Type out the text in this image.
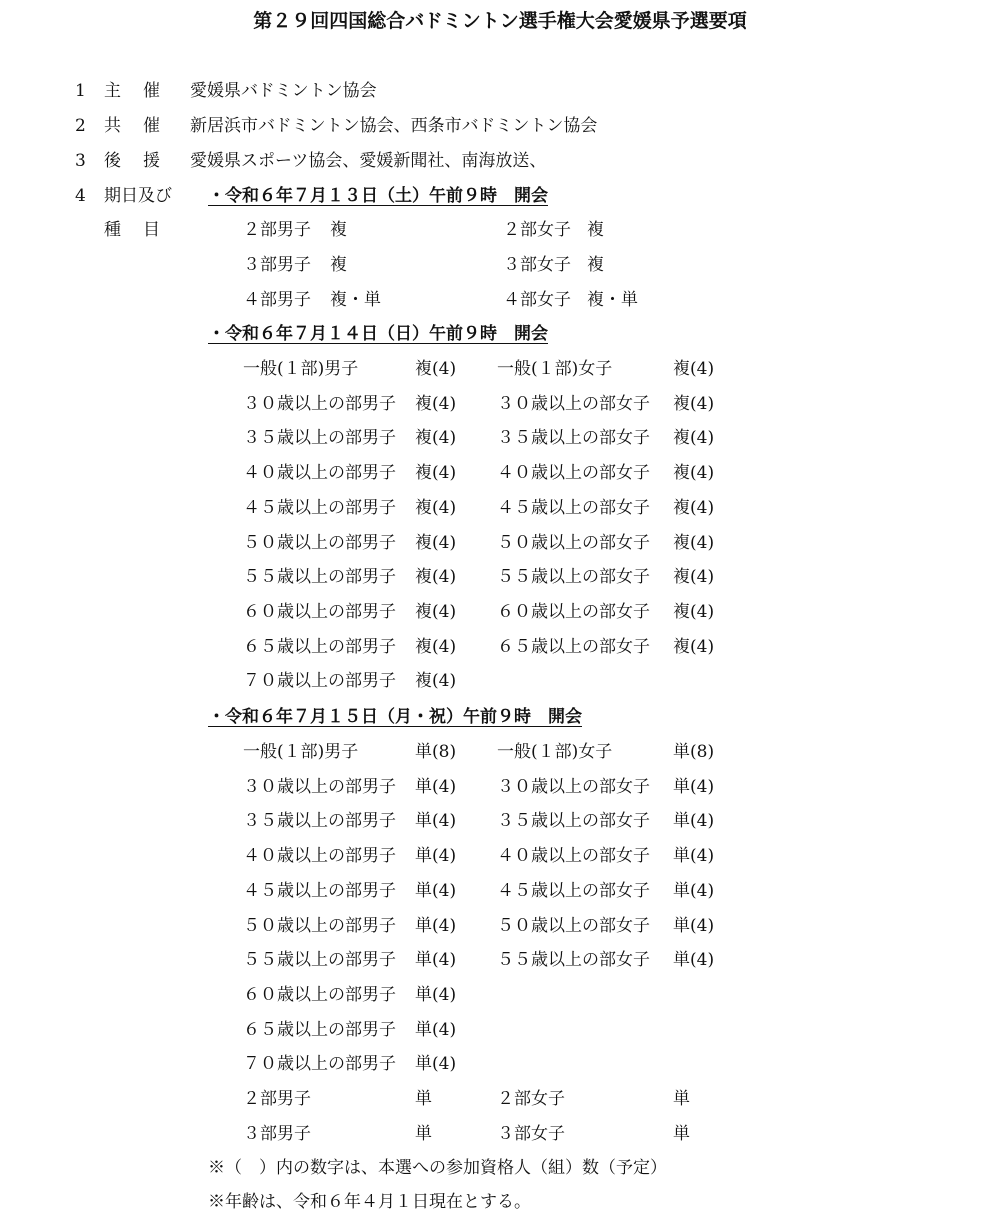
第２９回四国総合バドミントン選手権大会愛媛県予選要項
1 主 催 愛媛県バドミントン協会
2 共 催 新居浜市バドミントン協会、西条市バドミントン協会
3 後 援 愛媛県スポーツ協会、愛媛新聞社、南海放送、
4 期日及び
種 目
・令和６年７月１３日（土）午前９時　開会
２部男子 複	２部女子 複
３部男子 複	３部女子 複
４部男子 複・単	４部女子 複・単
・令和６年７月１４日（日）午前９時　開会
一般(１部)男子	複(4) 一般(１部)女子	複(4)
３０歳以上の部男子 複(4) ３０歳以上の部女子 複(4)
３５歳以上の部男子 複(4) ３５歳以上の部女子 複(4)
４０歳以上の部男子 複(4) ４０歳以上の部女子 複(4)
４５歳以上の部男子 複(4) ４５歳以上の部女子 複(4)
５０歳以上の部男子 複(4) ５０歳以上の部女子 複(4)
５５歳以上の部男子 複(4) ５５歳以上の部女子 複(4)
６０歳以上の部男子 複(4) ６０歳以上の部女子 複(4)
６５歳以上の部男子 複(4) ６５歳以上の部女子 複(4)
７０歳以上の部男子 複(4)
・令和６年７月１５日（月・祝）午前９時　開会
一般(１部)男子	単(8) 一般(１部)女子	単(8)
３０歳以上の部男子 単(4) ３０歳以上の部女子 単(4)
３５歳以上の部男子 単(4) ３５歳以上の部女子 単(4)
４０歳以上の部男子 単(4) ４０歳以上の部女子 単(4)
４５歳以上の部男子 単(4) ４５歳以上の部女子 単(4)
５０歳以上の部男子 単(4) ５０歳以上の部女子 単(4)
５５歳以上の部男子 単(4) ５５歳以上の部女子 単(4)
６０歳以上の部男子 単(4)
６５歳以上の部男子 単(4)
７０歳以上の部男子 単(4)
２部男子	単	２部女子	単
３部男子	単	３部女子	単
※（　）内の数字は、本選への参加資格人（組）数（予定）
※年齢は、令和６年４月１日現在とする。
